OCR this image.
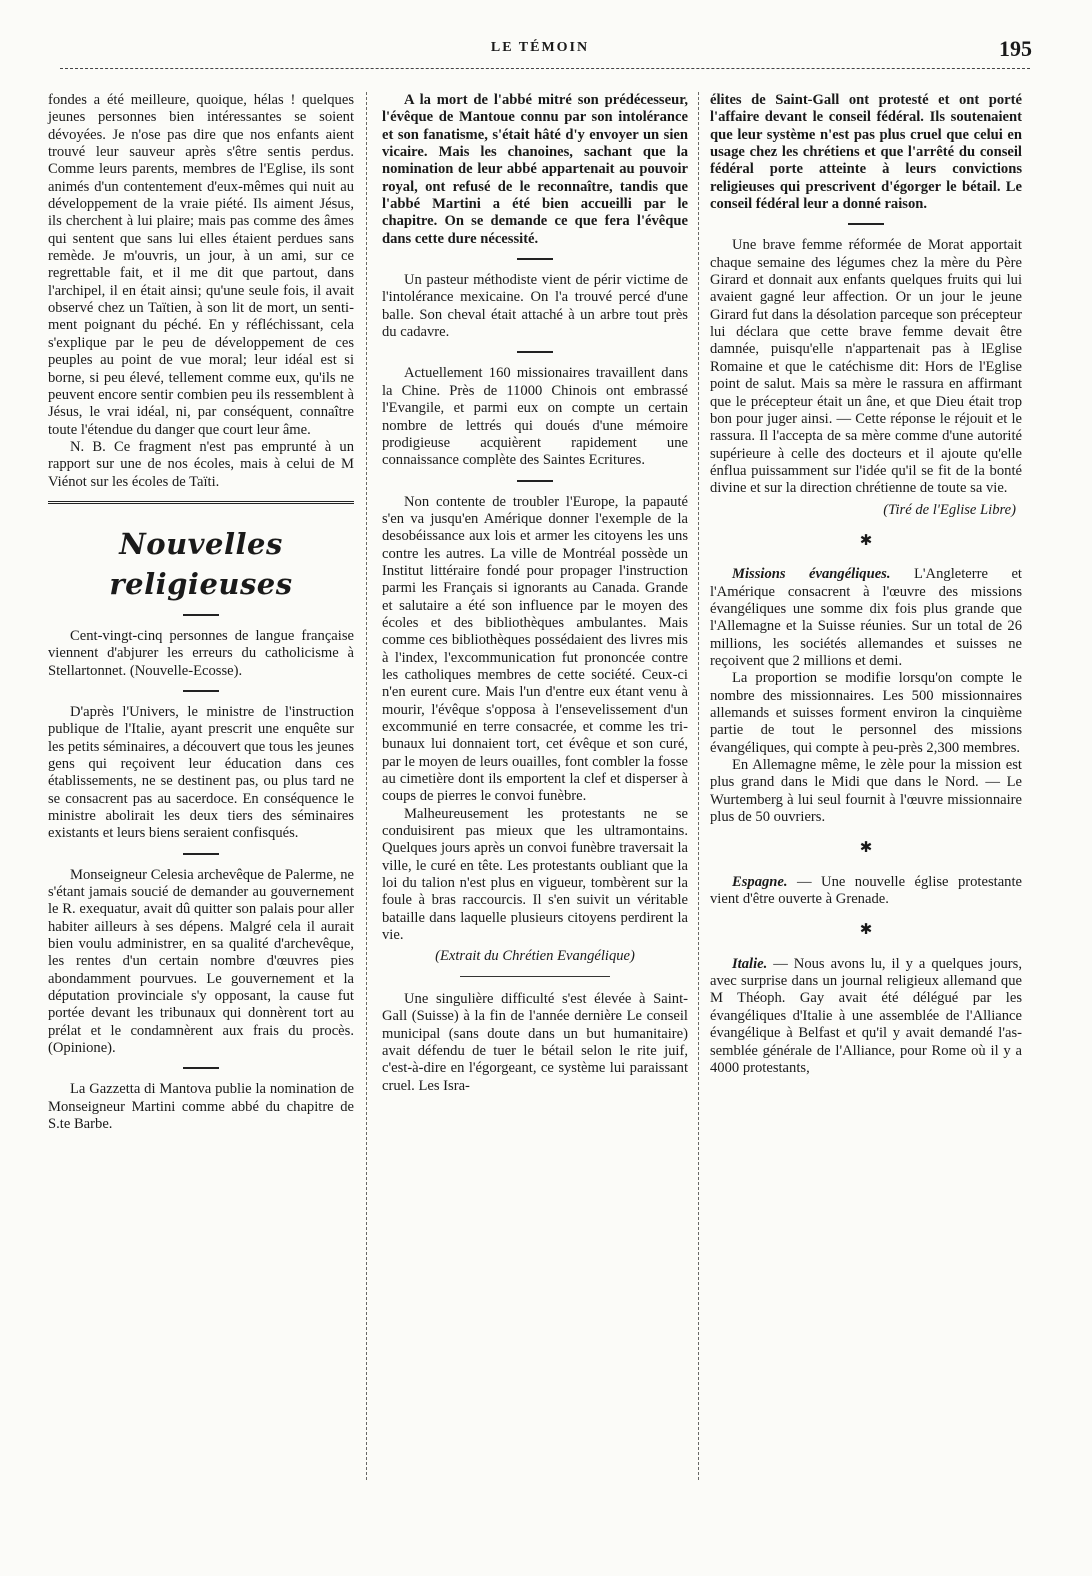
LE TÉMOIN	195

fondes a été meilleure, quoique, hélas ! quelques jeunes personnes bien intéressantes se soient dévoyées. Je n'ose pas dire que nos enfants aient trouvé leur sauveur après s'être sentis perdus. Comme leurs parents, membres de l'Eglise, ils sont animés d'un contentement d'eux-mêmes qui nuit au développement de la vraie piété. Ils aiment Jésus, ils cherchent à lui plaire; mais pas comme des âmes qui sentent que sans lui elles étaient perdues sans remède. Je m'ouvris, un jour, à un ami, sur ce regrettable fait, et il me dit que partout, dans l'archipel, il en était ainsi; qu'une seule fois, il avait observé chez un Taïtien, à son lit de mort, un sentiment poignant du péché. En y réfléchissant, cela s'explique par le peu de développement de ces peuples au point de vue moral; leur idéal est si borne, si peu élevé, tellement comme eux, qu'ils ne peuvent encore sentir combien peu ils ressemblent à Jésus, le vrai idéal, ni, par conséquent, connaître toute l'étendue du danger que court leur âme.

N. B. Ce fragment n'est pas emprunté à un rapport sur une de nos écoles, mais à celui de M Viénot sur les écoles de Taïti.

Nouvelles religieuses

Cent-vingt-cinq personnes de langue française viennent d'abjurer les erreurs du catholicisme à Stellartonnet. (Nouvelle-Ecosse).

D'après l'Univers, le ministre de l'instruction publique de l'Italie, ayant prescrit une enquête sur les petits séminaires, a découvert que tous les jeunes gens qui reçoivent leur éducation dans ces établissements, ne se destinent pas, ou plus tard ne se consacrent pas au sacerdoce. En conséquence le ministre abolirait les deux tiers des séminaires existants et leurs biens seraient confisqués.

Monseigneur Celesia archevêque de Palerme, ne s'étant jamais soucié de demander au gouvernement le R. exequatur, avait dû quitter son palais pour aller habiter ailleurs à ses dépens. Malgré cela il aurait bien voulu administrer, en sa qualité d'archevêque, les rentes d'un certain nombre d'œuvres pies abondamment pourvues. Le gouvernement et la députation provinciale s'y opposant, la cause fut portée devant les tribunaux qui donnèrent tort au prélat et le condamnèrent aux frais du procès. (Opinione).

La Gazzetta di Mantova publie la nomination de Monseigneur Martini comme abbé du chapitre de S.te Barbe.

A la mort de l'abbé mitré son prédécesseur, l'évêque de Mantoue connu par son intolérance et son fanatisme, s'était hâté d'y envoyer un sien vicaire. Mais les chanoines, sachant que la nomination de leur abbé appartenait au pouvoir royal, ont refusé de le reconnaître, tandis que l'abbé Martini a été bien accueilli par le chapitre. On se demande ce que fera l'évêque dans cette dure nécessité.

Un pasteur méthodiste vient de périr victime de l'intolérance mexicaine. On l'a trouvé percé d'une balle. Son cheval était attaché à un arbre tout près du cadavre.

Actuellement 160 missionaires travaillent dans la Chine. Près de 11000 Chinois ont embrassé l'Evangile, et parmi eux on compte un certain nombre de lettrés qui doués d'une mémoire prodigieuse acquièrent rapidement une connaissance complète des Saintes Ecritures.

Non contente de troubler l'Europe, la papauté s'en va jusqu'en Amérique donner l'exemple de la desobéissance aux lois et armer les citoyens les uns contre les autres. La ville de Montréal possède un Institut littéraire fondé pour propager l'instruction parmi les Français si ignorants au Canada. Grande et salutaire a été son influence par le moyen des écoles et des bibliothèques ambulantes. Mais comme ces bibliothèques possédaient des livres mis à l'index, l'excommunication fut prononcée contre les catholiques membres de cette société. Ceux-ci n'en eurent cure. Mais l'un d'entre eux étant venu à mourir, l'évêque s'opposa à l'ensevelissement d'un excommunié en terre consacrée, et comme les tribunaux lui donnaient tort, cet évêque et son curé, par le moyen de leurs ouailles, font combler la fosse au cimetière dont ils emportent la clef et disperser à coups de pierres le convoi funèbre.

Malheureusement les protestants ne se conduisirent pas mieux que les ultramontains. Quelques jours après un convoi funèbre traversait la ville, le curé en tête. Les protestants oubliant que la loi du talion n'est plus en vigueur, tombèrent sur la foule à bras raccourcis. Il s'en suivit un véritable bataille dans laquelle plusieurs citoyens perdirent la vie.

(Extrait du Chrétien Evangélique)

Une singulière difficulté s'est élevée à Saint-Gall (Suisse) à la fin de l'année dernière Le conseil municipal (sans doute dans un but humanitaire) avait défendu de tuer le bétail selon le rite juif, c'est-à-dire en l'égorgeant, ce système lui paraissant cruel. Les Isra-

élites de Saint-Gall ont protesté et ont porté l'affaire devant le conseil fédéral. Ils soutenaient que leur système n'est pas plus cruel que celui en usage chez les chrétiens et que l'arrêté du conseil fédéral porte atteinte à leurs convictions religieuses qui prescrivent d'égorger le bétail. Le conseil fédéral leur a donné raison.

Une brave femme réformée de Morat apportait chaque semaine des légumes chez la mère du Père Girard et donnait aux enfants quelques fruits qui lui avaient gagné leur affection. Or un jour le jeune Girard fut dans la désolation parceque son précepteur lui déclara que cette brave femme devait être damnée, puisqu'elle n'appartenait pas à lEglise Romaine et que le catéchisme dit: Hors de l'Eglise point de salut. Mais sa mère le rassura en affirmant que le précepteur était un âne, et que Dieu était trop bon pour juger ainsi. — Cette réponse le réjouit et le rassura. Il l'accepta de sa mère comme d'une autorité supérieure à celle des docteurs et il ajoute qu'elle énflua puissamment sur l'idée qu'il se fit de la bonté divine et sur la direction chrétienne de toute sa vie.

(Tiré de l'Eglise Libre)
✱

Missions évangéliques. L'Angleterre et l'Amérique consacrent à l'œuvre des missions évangéliques une somme dix fois plus grande que l'Allemagne et la Suisse réunies. Sur un total de 26 millions, les sociétés allemandes et suisses ne reçoivent que 2 millions et demi.

La proportion se modifie lorsqu'on compte le nombre des missionnaires. Les 500 missionnaires allemands et suisses forment environ la cinquième partie de tout le personnel des missions évangéliques, qui compte à peu-près 2,300 membres.

En Allemagne même, le zèle pour la mission est plus grand dans le Midi que dans le Nord. — Le Wurtemberg à lui seul fournit à l'œuvre missionnaire plus de 50 ouvriers.

✱

Espagne. — Une nouvelle église protestante vient d'être ouverte à Grenade.

✱

Italie. — Nous avons lu, il y a quelques jours, avec surprise dans un journal religieux allemand que M Théoph. Gay avait été délégué par les évangéliques d'Italie à une assemblée de l'Alliance évangélique à Belfast et qu'il y avait demandé l'assemblée générale de l'Alliance, pour Rome où il y a 4000 protestants,
